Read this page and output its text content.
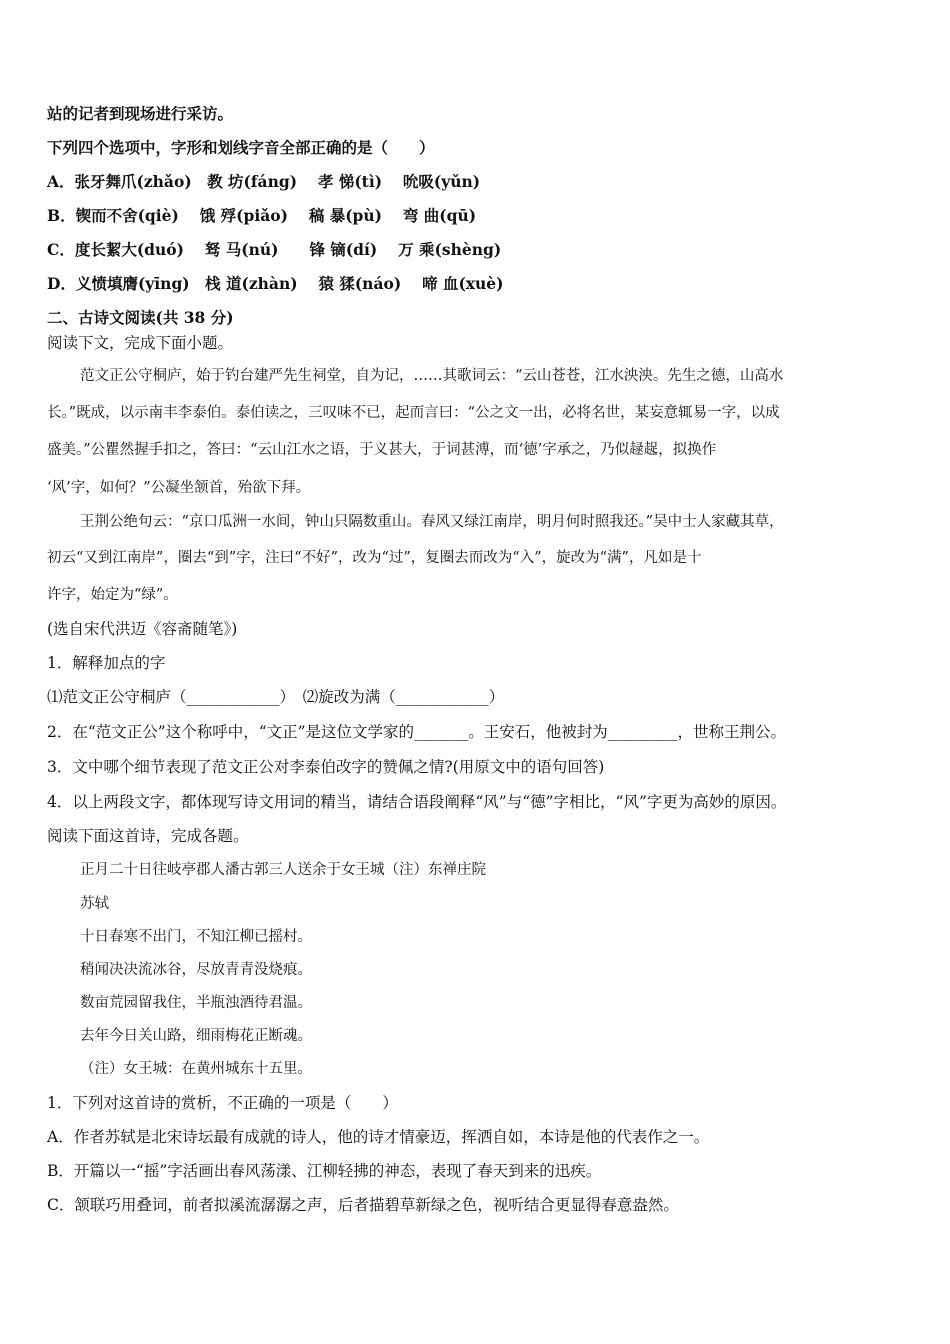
站的记者到现场进行采访。
下列四个选项中，字形和划线字音全部正确的是（　　）
A．张牙舞爪(zhǎo)　教 坊(fáng)　 孝 悌(tì)　 吮吸(yǔn)
B．锲而不舍(qiè)　 饿 殍(piǎo)　 稿 暴(pù)　 弯 曲(qū)
C．度长絜大(duó)　 驽 马(nú)　　锋 镝(dí)　 万 乘(shèng)
D．义愤填膺(yīng)　栈 道(zhàn)　 猿 猱(náo)　 啼 血(xuè)
二、古诗文阅读(共 38 分)
阅读下文，完成下面小题。
范文正公守桐庐，始于钓台建严先生祠堂，自为记，……其歌词云：“云山苍苍，江水泱泱。先生之德，山高水
长。”既成，以示南丰李泰伯。泰伯读之，三叹味不已，起而言曰：“公之文一出，必将名世，某妄意辄易一字，以成
盛美。”公瞿然握手扣之，答曰：“云山江水之语，于义甚大，于词甚溥，而‘德’字承之，乃似趢趗，拟换作
‘风’字，如何？”公凝坐颔首，殆欲下拜。
王荆公绝句云：“京口瓜洲一水间，钟山只隔数重山。春风又绿江南岸，明月何时照我还。”吴中士人家藏其草，
初云“又到江南岸”，圈去“到”字，注曰“不好”，改为“过”，复圈去而改为“入”，旋改为“满”，凡如是十
许字，始定为“绿”。
(选自宋代洪迈《容斋随笔》)
1．解释加点的字
⑴范文正公守桐庐（____________）　⑵旋改为满（____________）
2．在“范文正公”这个称呼中，“文正”是这位文学家的_______。王安石，他被封为_________，世称王荆公。
3．文中哪个细节表现了范文正公对李泰伯改字的赞佩之情?(用原文中的语句回答)
4．以上两段文字，都体现写诗文用词的精当，请结合语段阐释“风”与“德”字相比，“风”字更为高妙的原因。
阅读下面这首诗，完成各题。
正月二十日往岐亭郡人潘古郭三人送余于女王城（注）东禅庄院
苏轼
十日春寒不出门，不知江柳已摇村。
稍闻决决流冰谷，尽放青青没烧痕。
数亩荒园留我住，半瓶浊酒待君温。
去年今日关山路，细雨梅花正断魂。
（注）女王城：在黄州城东十五里。
1．下列对这首诗的赏析，不正确的一项是（　　）
A．作者苏轼是北宋诗坛最有成就的诗人，他的诗才情豪迈，挥洒自如，本诗是他的代表作之一。
B．开篇以一“摇”字活画出春风荡漾、江柳轻拂的神态，表现了春天到来的迅疾。
C．颔联巧用叠词，前者拟溪流潺潺之声，后者描碧草新绿之色，视听结合更显得春意盎然。
